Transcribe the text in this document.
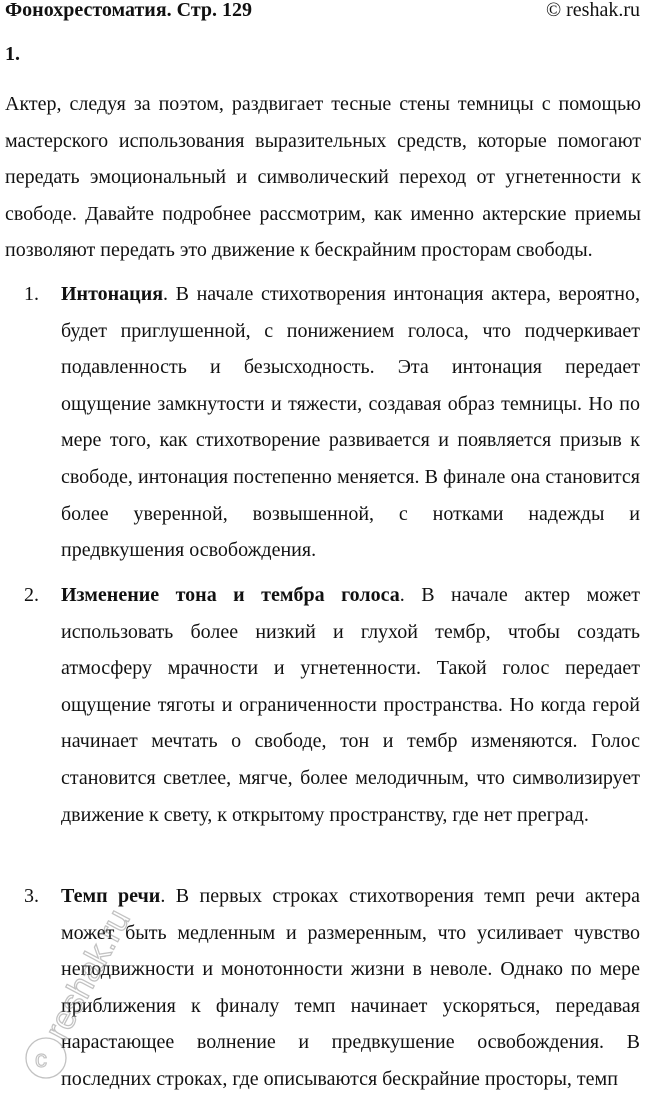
Фонохрестоматия. Стр. 129	© reshak.ru
1.

Актер, следуя за поэтом, раздвигает тесные стены темницы с помощью мастерского использования выразительных средств, которые помогают передать эмоциональный и символический переход от угнетенности к свободе. Давайте подробнее рассмотрим, как именно актерские приемы позволяют передать это движение к бескрайним просторам свободы.

1. Интонация. В начале стихотворения интонация актера, вероятно, будет приглушенной, с понижением голоса, что подчеркивает подавленность и безысходность. Эта интонация передает ощущение замкнутости и тяжести, создавая образ темницы. Но по мере того, как стихотворение развивается и появляется призыв к свободе, интонация постепенно меняется. В финале она становится более уверенной, возвышенной, с нотками надежды и предвкушения освобождения.
2. Изменение тона и тембра голоса. В начале актер может использовать более низкий и глухой тембр, чтобы создать атмосферу мрачности и угнетенности. Такой голос передает ощущение тяготы и ограниченности пространства. Но когда герой начинает мечтать о свободе, тон и тембр изменяются. Голос становится светлее, мягче, более мелодичным, что символизирует движение к свету, к открытому пространству, где нет преград.
3. Темп речи. В первых строках стихотворения темп речи актера может быть медленным и размеренным, что усиливает чувство неподвижности и монотонности жизни в неволе. Однако по мере приближения к финалу темп начинает ускоряться, передавая нарастающее волнение и предвкушение освобождения. В последних строках, где описываются бескрайние просторы, темп
reshak.ru
c
